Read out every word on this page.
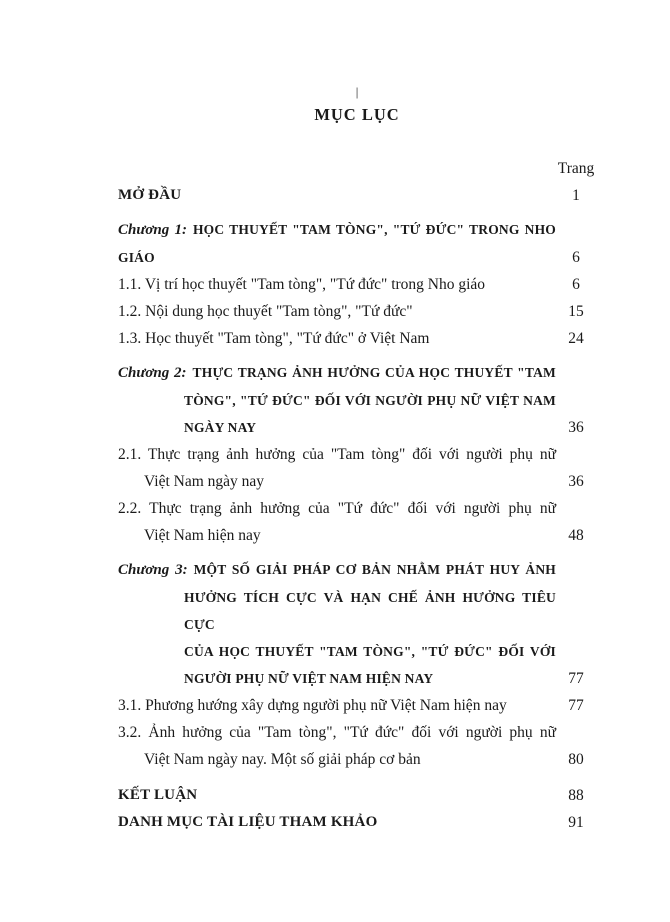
|
MỤC LỤC
Trang
MỞ ĐẦU	1
Chương 1: HỌC THUYẾT "TAM TÒNG", "TỨ ĐỨC" TRONG NHO GIÁO	6
1.1. Vị trí học thuyết "Tam tòng", "Tứ đức" trong Nho giáo	6
1.2. Nội dung học thuyết "Tam tòng", "Tứ đức"	15
1.3. Học thuyết "Tam tòng", "Tứ đức" ở Việt Nam	24
Chương 2: THỰC TRẠNG ẢNH HƯỞNG CỦA HỌC THUYẾT "TAM
TÒNG", "TỨ ĐỨC" ĐỐI VỚI NGƯỜI PHỤ NỮ VIỆT NAM
NGÀY NAY	36
2.1. Thực trạng ảnh hưởng của "Tam tòng" đối với người phụ nữ
Việt Nam ngày nay	36
2.2. Thực trạng ảnh hưởng của "Tứ đức" đối với người phụ nữ
Việt Nam hiện nay	48
Chương 3: MỘT SỐ GIẢI PHÁP CƠ BẢN NHẰM PHÁT HUY ẢNH
HƯỞNG TÍCH CỰC VÀ HẠN CHẾ ẢNH HƯỞNG TIÊU CỰC
CỦA HỌC THUYẾT "TAM TÒNG", "TỨ ĐỨC" ĐỐI VỚI
NGƯỜI PHỤ NỮ VIỆT NAM HIỆN NAY	77
3.1. Phương hướng xây dựng người phụ nữ Việt Nam hiện nay	77
3.2. Ảnh hưởng của "Tam tòng", "Tứ đức" đối với người phụ nữ
Việt Nam ngày nay. Một số giải pháp cơ bản	80
KẾT LUẬN	88
DANH MỤC TÀI LIỆU THAM KHẢO	91
